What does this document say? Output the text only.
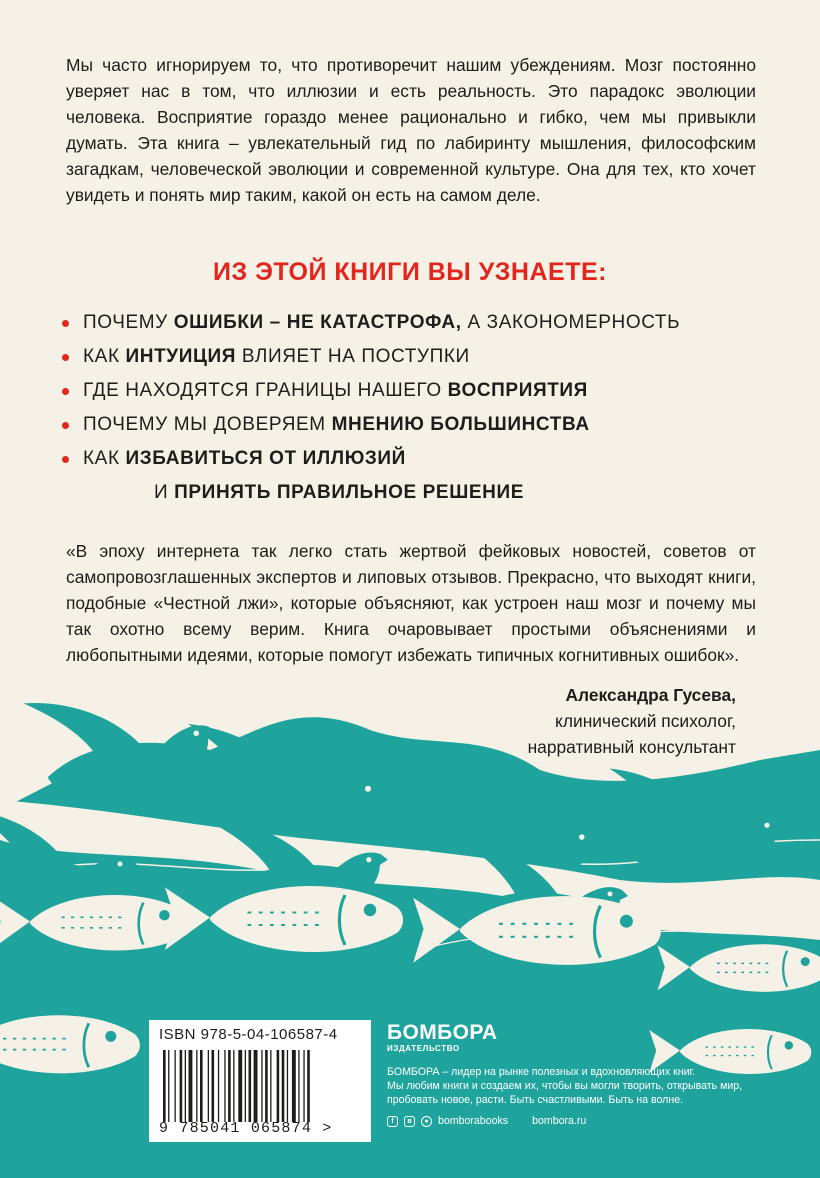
Мы часто игнорируем то, что противоречит нашим убеждениям. Мозг постоянно уверяет нас в том, что иллюзии и есть реальность. Это парадокс эволюции человека. Восприятие гораздо менее рационально и гибко, чем мы привыкли думать. Эта книга – увлекательный гид по лабиринту мышления, философским загадкам, человеческой эволюции и современной культуре. Она для тех, кто хочет увидеть и понять мир таким, какой он есть на самом деле.

ИЗ ЭТОЙ КНИГИ ВЫ УЗНАЕТЕ:
ПОЧЕМУ
ОШИБКИ – НЕ КАТАСТРОФА,
А ЗАКОНОМЕРНОСТЬ
КАК
ИНТУИЦИЯ
ВЛИЯЕТ НА ПОСТУПКИ
ГДЕ НАХОДЯТСЯ ГРАНИЦЫ НАШЕГО
ВОСПРИЯТИЯ
ПОЧЕМУ МЫ ДОВЕРЯЕМ
МНЕНИЮ БОЛЬШИНСТВА
КАК
ИЗБАВИТЬСЯ ОТ ИЛЛЮЗИЙ
И
ПРИНЯТЬ ПРАВИЛЬНОЕ РЕШЕНИЕ

«В эпоху интернета так легко стать жертвой фейковых новостей, советов от самопровозглашенных экспертов и липовых отзывов. Прекрасно, что выходят книги, подобные «Честной лжи», которые объясняют, как устроен наш мозг и почему мы так охотно всему верим. Книга очаровывает простыми объяснениями и любопытными идеями, которые помогут избежать типичных когнитивных ошибок».

Александра Гусева,
клинический психолог,
нарративный консультант
ISBN 978-5-04-106587-4
9 785041 065874 >
БОМБОРА
ИЗДАТЕЛЬСТВО
БОМБОРА – лидер на рынке полезных и вдохновляющих книг.
Мы любим книги и создаем их, чтобы вы могли творить, открывать мир, пробовать новое, расти. Быть счастливыми. Быть на волне.
f	в	● bomborabooks bombora.ru
